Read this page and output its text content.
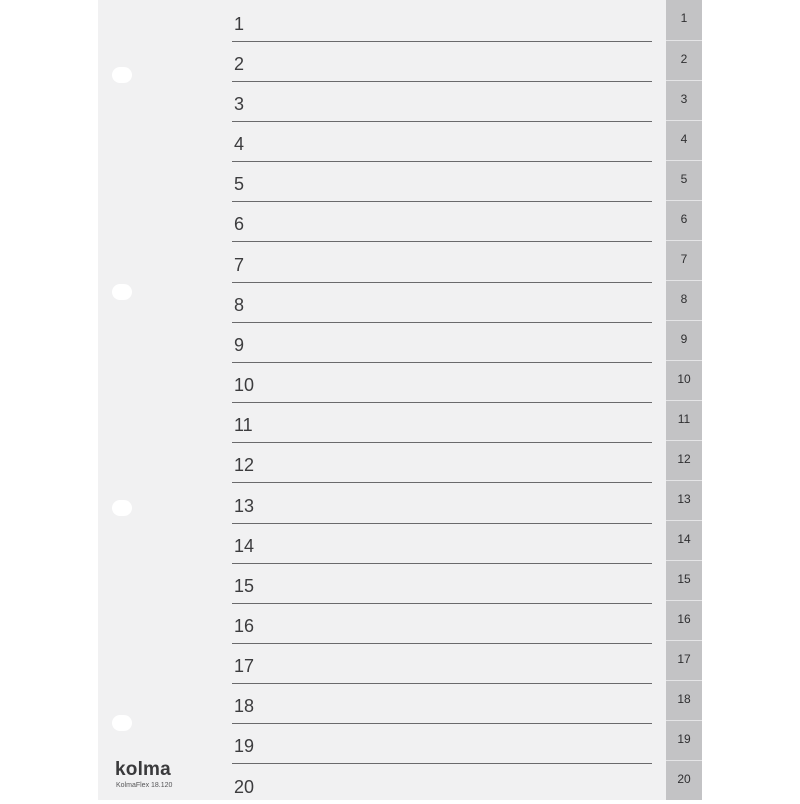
1
2
3
4
5
6
7
8
9
10
11
12
13
14
15
16
17
18
19
20
1
2
3
4
5
6
7
8
9
10
11
12
13
14
15
16
17
18
19
20
kolma
KolmaFlex 18.120
